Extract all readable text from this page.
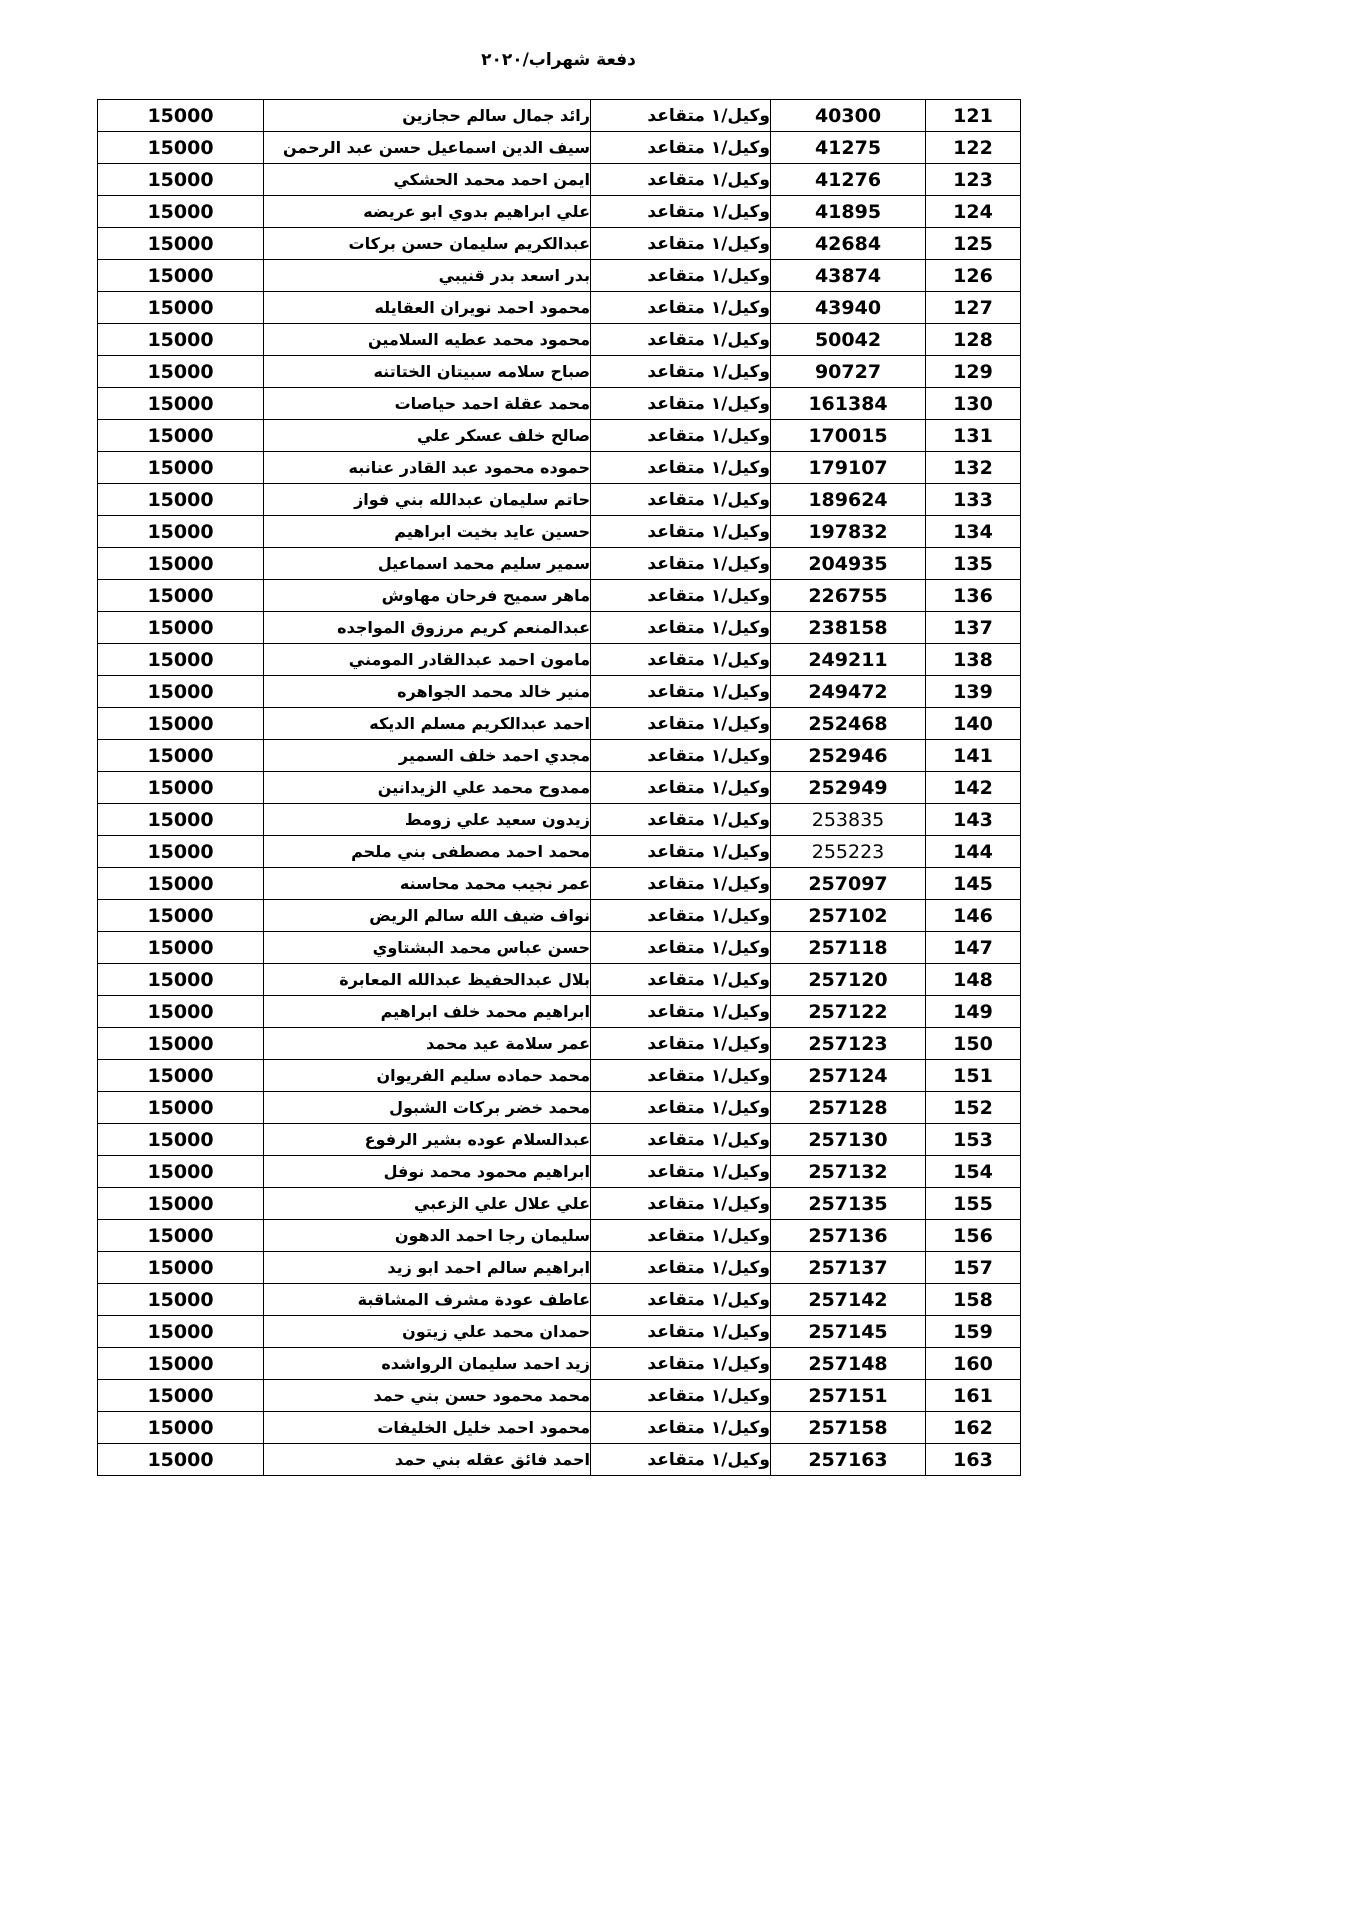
دفعة شهراب/٢٠٢٠
121	40300	وكيل/١ متقاعد	رائد جمال سالم حجازين	15000
122	41275	وكيل/١ متقاعد	سيف الدين اسماعيل حسن عبد الرحمن	15000
123	41276	وكيل/١ متقاعد	ايمن احمد محمد الحشكي	15000
124	41895	وكيل/١ متقاعد	علي ابراهيم بدوي ابو عريضه	15000
125	42684	وكيل/١ متقاعد	عبدالكريم سليمان حسن بركات	15000
126	43874	وكيل/١ متقاعد	بدر اسعد بدر قنيبي	15000
127	43940	وكيل/١ متقاعد	محمود احمد نويران العقايله	15000
128	50042	وكيل/١ متقاعد	محمود محمد عطيه السلامين	15000
129	90727	وكيل/١ متقاعد	صباح سلامه سبيتان الختاتنه	15000
130	161384	وكيل/١ متقاعد	محمد عقلة احمد حياصات	15000
131	170015	وكيل/١ متقاعد	صالح خلف عسكر علي	15000
132	179107	وكيل/١ متقاعد	حموده محمود عبد القادر عنانبه	15000
133	189624	وكيل/١ متقاعد	حاتم سليمان عبدالله بني فواز	15000
134	197832	وكيل/١ متقاعد	حسين عايد بخيت ابراهيم	15000
135	204935	وكيل/١ متقاعد	سمير سليم محمد اسماعيل	15000
136	226755	وكيل/١ متقاعد	ماهر سميح فرحان مهاوش	15000
137	238158	وكيل/١ متقاعد	عبدالمنعم كريم مرزوق المواجده	15000
138	249211	وكيل/١ متقاعد	مامون احمد عبدالقادر المومني	15000
139	249472	وكيل/١ متقاعد	منير خالد محمد الجواهره	15000
140	252468	وكيل/١ متقاعد	احمد عبدالكريم مسلم الديكه	15000
141	252946	وكيل/١ متقاعد	مجدي احمد خلف السمير	15000
142	252949	وكيل/١ متقاعد	ممدوح محمد علي الزيدانين	15000
143	253835	وكيل/١ متقاعد	زيدون سعيد علي زومط	15000
144	255223	وكيل/١ متقاعد	محمد احمد مصطفى بني ملحم	15000
145	257097	وكيل/١ متقاعد	عمر نجيب محمد محاسنه	15000
146	257102	وكيل/١ متقاعد	نواف ضيف الله سالم الريض	15000
147	257118	وكيل/١ متقاعد	حسن عباس محمد البشتاوي	15000
148	257120	وكيل/١ متقاعد	بلال عبدالحفيظ عبدالله المعابرة	15000
149	257122	وكيل/١ متقاعد	ابراهيم محمد خلف ابراهيم	15000
150	257123	وكيل/١ متقاعد	عمر سلامة عيد محمد	15000
151	257124	وكيل/١ متقاعد	محمد حماده سليم الفريوان	15000
152	257128	وكيل/١ متقاعد	محمد خضر بركات الشبول	15000
153	257130	وكيل/١ متقاعد	عبدالسلام عوده بشير الرفوع	15000
154	257132	وكيل/١ متقاعد	ابراهيم محمود محمد نوفل	15000
155	257135	وكيل/١ متقاعد	علي علال علي الزعبي	15000
156	257136	وكيل/١ متقاعد	سليمان رجا احمد الدهون	15000
157	257137	وكيل/١ متقاعد	ابراهيم سالم احمد ابو زيد	15000
158	257142	وكيل/١ متقاعد	عاطف عودة مشرف المشاقبة	15000
159	257145	وكيل/١ متقاعد	حمدان محمد علي زيتون	15000
160	257148	وكيل/١ متقاعد	زيد احمد سليمان الرواشده	15000
161	257151	وكيل/١ متقاعد	محمد محمود حسن بني حمد	15000
162	257158	وكيل/١ متقاعد	محمود احمد خليل الخليفات	15000
163	257163	وكيل/١ متقاعد	احمد فائق عقله بني حمد	15000
